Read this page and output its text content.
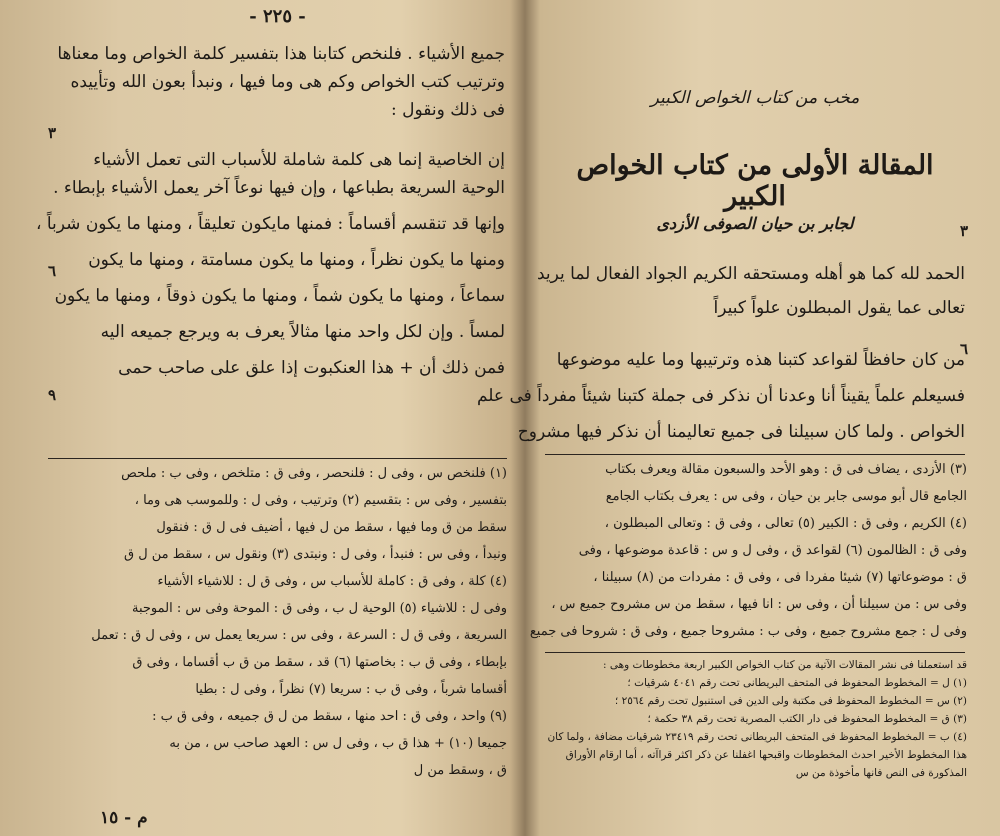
- ٢٢٥ -
جميع الأشياء . فلنخص كتابنا هذا بتفسير كلمة الخواص وما معناها
وترتيب كتب الخواص وكم هى وما فيها ، ونبدأ بعون الله وتأييده
فى ذلك ونقول :
إن الخاصية إنما هى كلمة شاملة للأسباب التى تعمل الأشياء
الوحية السريعة بطباعها ، وإن فيها نوعاً آخر يعمل الأشياء بإبطاء .
وإنها قد تنقسم أقساماً : فمنها مايكون تعليقاً ، ومنها ما يكون شرباً ،
ومنها ما يكون نظراً ، ومنها ما يكون مسامتة ، ومنها ما يكون
سماعاً ، ومنها ما يكون شماً ، ومنها ما يكون ذوقاً ، ومنها ما يكون
لمساً . وإن لكل واحد منها مثالاً يعرف به ويرجع جميعه اليه
فمن ذلك أن + هذا العنكبوت إذا علق على صاحب حمى
٣
٦
٩
(١) فلنخص س ، وفى ل : فلنحصر ، وفى ق : متلخص ، وفى ب : ملحص
بتفسير ، وفى س : بتقسيم (٢) وترتيب ، وفى ل : وللموسب هى وما ،
سقط من ق وما فيها ، سقط من ل فيها ، أضيف فى ل ق : فنقول
ونبدأ ، وفى س : فنبدأ ، وفى ل : ونبتدى (٣) ونقول س ، سقط من ل ق
(٤) كلة ، وفى ق : كاملة للأسباب س ، وفى ق ل : للاشياء الأشياء
وفى ل : للاشياء (٥) الوحية ل ب ، وفى ق : الموحة وفى س : الموجبة
السريعة ، وفى ق ل : السرعة ، وفى س : سريعا يعمل س ، وفى ل ق : تعمل
بإبطاء ، وفى ق ب : بخاصتها (٦) قد ، سقط من ق ب أقساما ، وفى ق
أقساما شرباً ، وفى ق ب : سريعا (٧) نظراً ، وفى ل : بطيا
(٩) واحد ، وفى ق : احد منها ، سقط من ل ق جميعه ، وفى ق ب :
جميعا (١٠) + هذا ق ب ، وفى ل س : العهد صاحب س ، من به
ق ، وسقط من ل
م - ١٥
مخب من كتاب الخواص الكبير
المقالة الأولى من كتاب الخواص الكبير
لجابر بن حيان الصوفى الأزدى
الحمد لله كما هو أهله ومستحقه الكريم الجواد الفعال لما يريد
تعالى عما يقول المبطلون علواً كبيراً
من كان حافظاً لقواعد كتبنا هذه وترتيبها وما عليه موضوعها
فسيعلم علماً يقيناً أنا وعدنا أن نذكر فى جملة كتبنا شيئاً مفرداً فى علم
الخواص . ولما كان سبيلنا فى جميع تعاليمنا أن نذكر فيها مشروح
٣
٦
(٣) الأزدى ، يضاف فى ق : وهو الأحد والسبعون مقالة ويعرف بكتاب
الجامع قال أبو موسى جابر بن حيان ، وفى س : يعرف بكتاب الجامع
(٤) الكريم ، وفى ق : الكبير (٥) تعالى ، وفى ق : وتعالى المبطلون ،
وفى ق : الظالمون (٦) لقواعد ق ، وفى ل و س : قاعدة موضوعها ، وفى
ق : موضوعاتها (٧) شيئا مفردا فى ، وفى ق : مفردات من (٨) سبيلنا ،
وفى س : من سبيلنا أن ، وفى س : انا فيها ، سقط من س مشروح جميع س ،
وفى ل : جمع مشروح جميع ، وفى ب : مشروحا جميع ، وفى ق : شروحا فى جميع
قد استعملنا فى نشر المقالات الآتية من كتاب الخواص الكبير اربعة مخطوطات وهى :
(١) ل = المخطوط المحفوظ فى المتحف البريطانى تحت رقم ٤٠٤١ شرقيات ؛
(٢) س = المخطوط المحفوظ فى مكتبة ولى الدين فى استنبول تحت رقم ٢٥٦٤ ؛
(٣) ق = المخطوط المحفوظ فى دار الكتب المصرية تحت رقم ٣٨ حكمة ؛
(٤) ب = المخطوط المحفوظ فى المتحف البريطانى تحت رقم ٢٣٤١٩ شرقيات مضافة ، ولما كان
هذا المخطوط الأخير احدث المخطوطات واقبحها اغفلنا عن ذكر اكثر قراآته ، أما ارقام الأوراق
المذكورة فى النص فانها مأخوذة من س
